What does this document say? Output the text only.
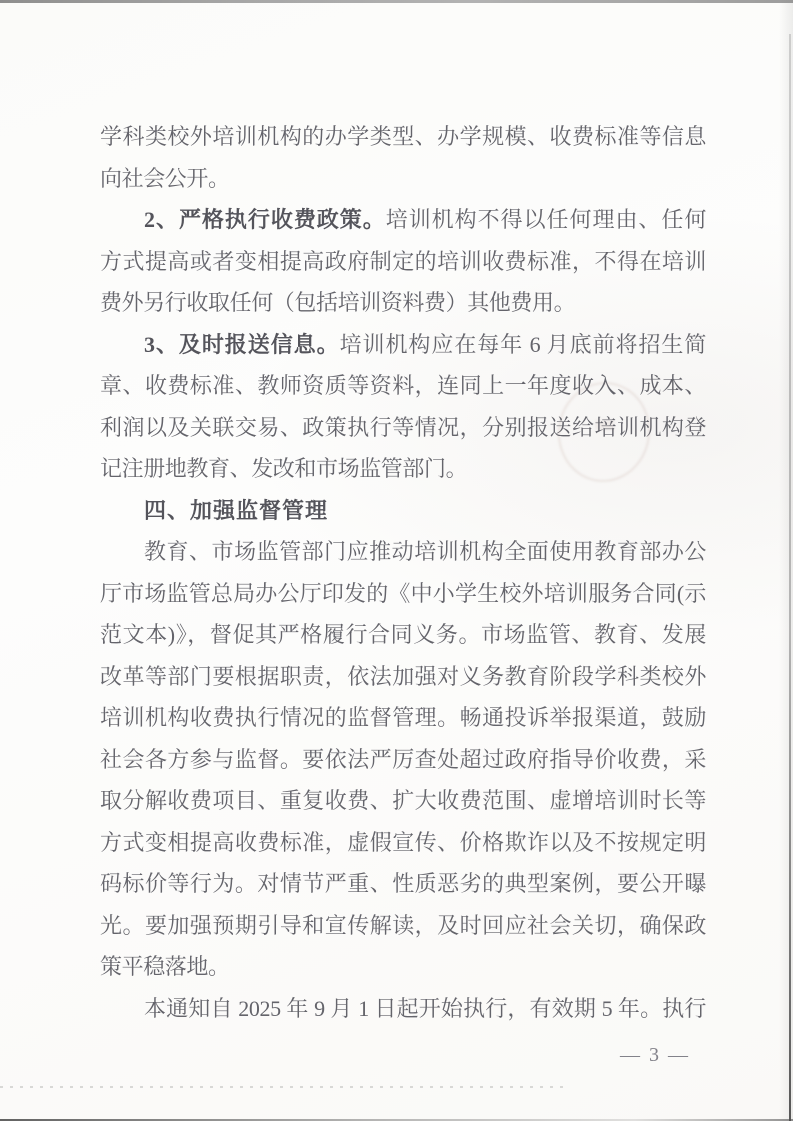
学科类校外培训机构的办学类型、办学规模、收费标准等信息
向社会公开。
2、严格执行收费政策。培训机构不得以任何理由、任何
方式提高或者变相提高政府制定的培训收费标准，不得在培训
费外另行收取任何（包括培训资料费）其他费用。
3、及时报送信息。培训机构应在每年 6 月底前将招生简
章、收费标准、教师资质等资料，连同上一年度收入、成本、
利润以及关联交易、政策执行等情况，分别报送给培训机构登
记注册地教育、发改和市场监管部门。
四、加强监督管理
教育、市场监管部门应推动培训机构全面使用教育部办公
厅市场监管总局办公厅印发的《中小学生校外培训服务合同(示
范文本)》，督促其严格履行合同义务。市场监管、教育、发展
改革等部门要根据职责，依法加强对义务教育阶段学科类校外
培训机构收费执行情况的监督管理。畅通投诉举报渠道，鼓励
社会各方参与监督。要依法严厉查处超过政府指导价收费，采
取分解收费项目、重复收费、扩大收费范围、虚增培训时长等
方式变相提高收费标准，虚假宣传、价格欺诈以及不按规定明
码标价等行为。对情节严重、性质恶劣的典型案例，要公开曝
光。要加强预期引导和宣传解读，及时回应社会关切，确保政
策平稳落地。
本通知自 2025 年 9 月 1 日起开始执行，有效期 5 年。执行
— 3 —
